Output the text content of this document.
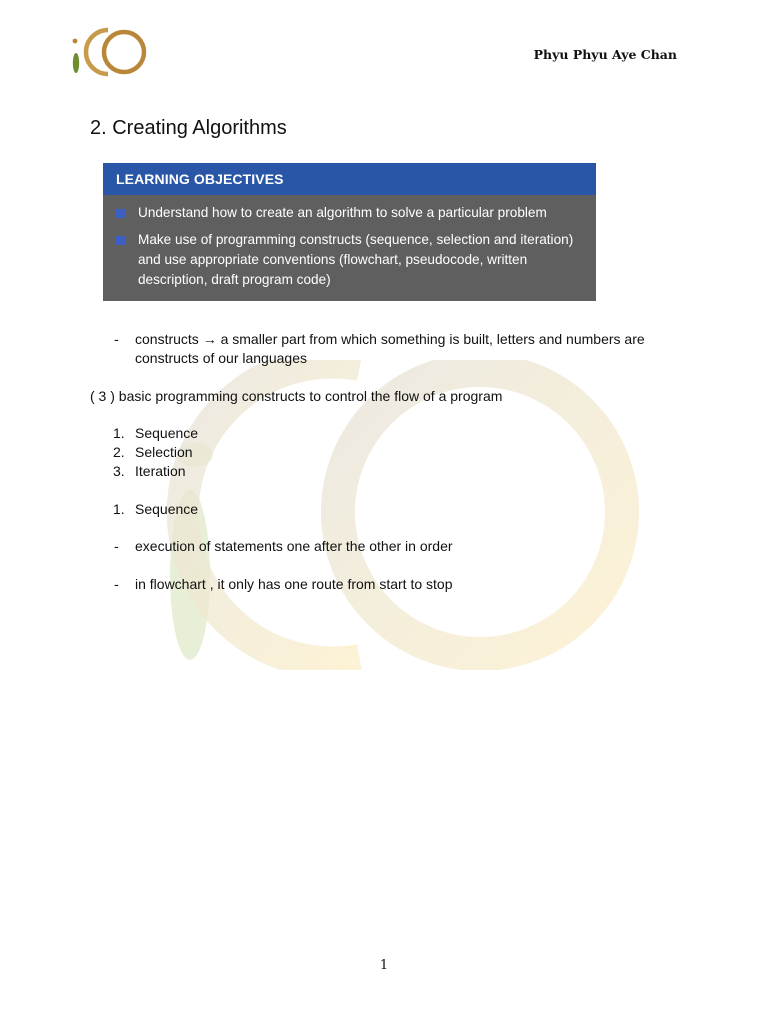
Phyu Phyu Aye Chan
2. Creating Algorithms
LEARNING OBJECTIVES
Understand how to create an algorithm to solve a particular problem
Make use of programming constructs (sequence, selection and iteration) and use appropriate conventions (flowchart, pseudocode, written description, draft program code)
- constructs → a smaller part from which something is built, letters and numbers are
constructs of our languages
( 3 ) basic programming constructs to control the flow of a program
1. Sequence
2. Selection
3. Iteration
1. Sequence
- execution of statements one after the other in order
- in flowchart , it only has one route from start to stop
1
